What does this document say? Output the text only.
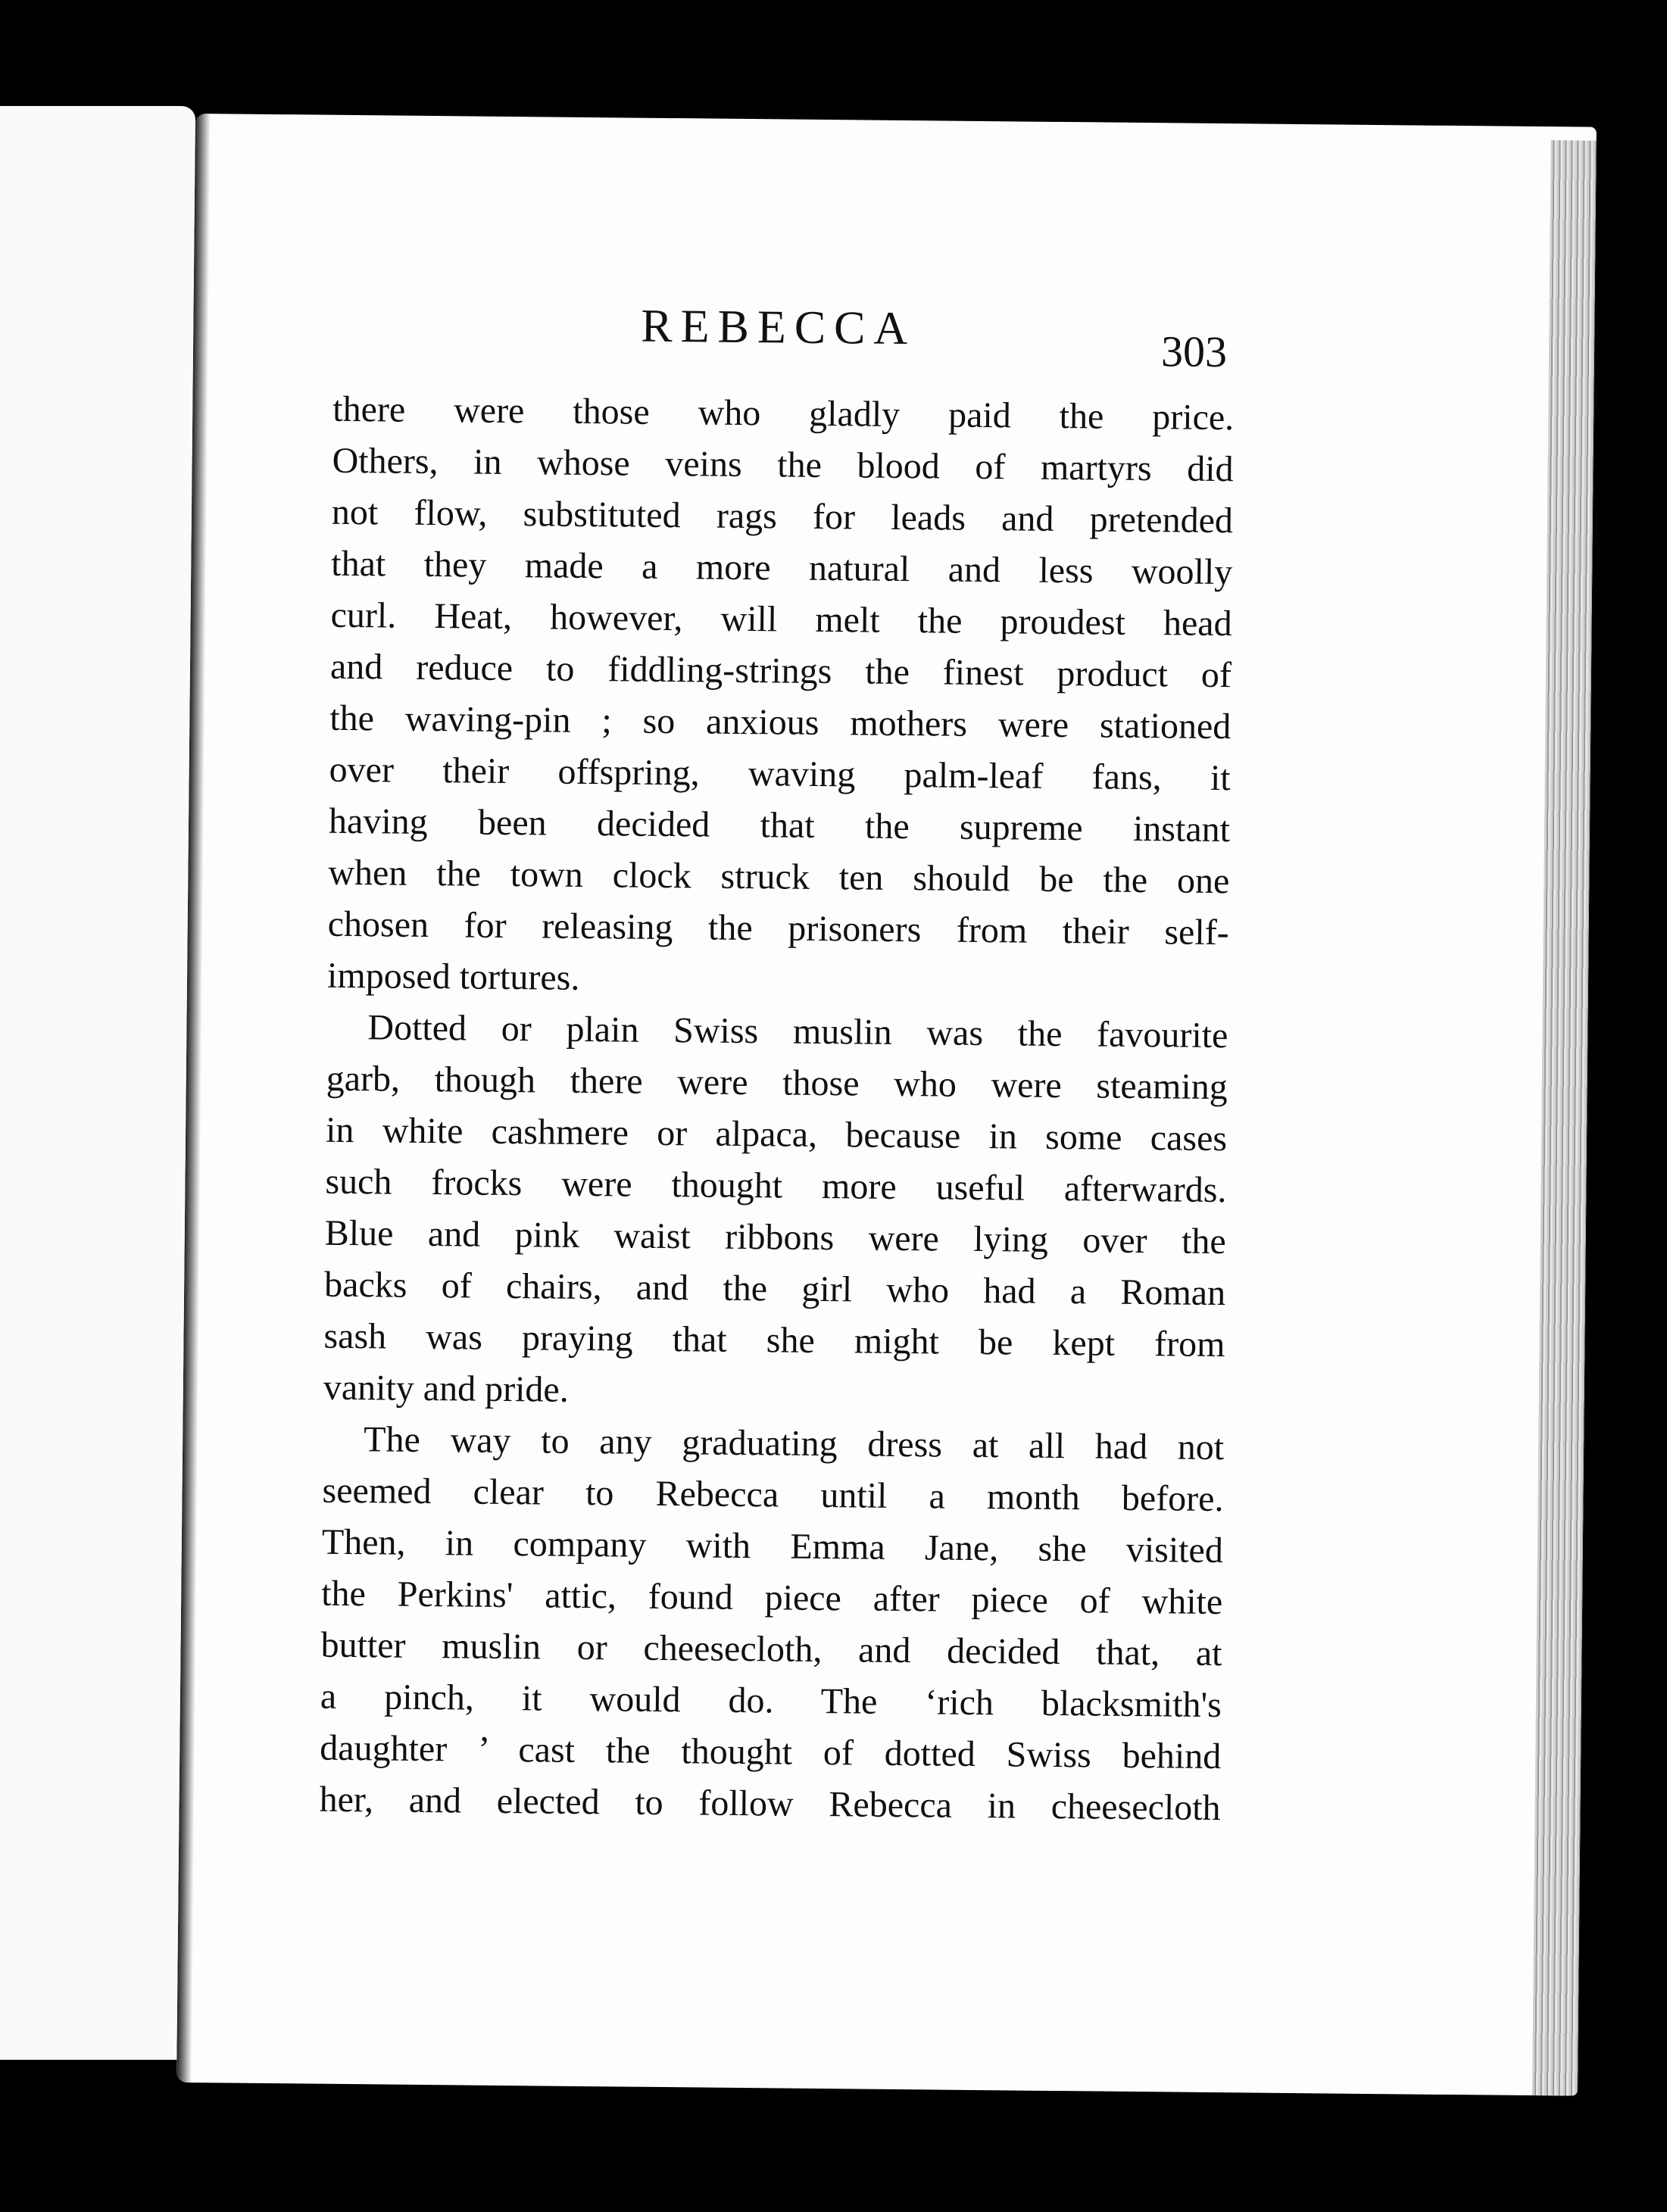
REBECCA	303
there were those who gladly paid the price.
Others, in whose veins the blood of martyrs did
not flow, substituted rags for leads and pretended
that they made a more natural and less woolly
curl. Heat, however, will melt the proudest head
and reduce to fiddling-strings the finest product of
the waving-pin ; so anxious mothers were stationed
over their offspring, waving palm-leaf fans, it
having been decided that the supreme instant
when the town clock struck ten should be the one
chosen for releasing the prisoners from their self-
imposed tortures.
Dotted or plain Swiss muslin was the favourite
garb, though there were those who were steaming
in white cashmere or alpaca, because in some cases
such frocks were thought more useful afterwards.
Blue and pink waist ribbons were lying over the
backs of chairs, and the girl who had a Roman
sash was praying that she might be kept from
vanity and pride.
The way to any graduating dress at all had not
seemed clear to Rebecca until a month before.
Then, in company with Emma Jane, she visited
the Perkins' attic, found piece after piece of white
butter muslin or cheesecloth, and decided that, at
a pinch, it would do. The ‘rich blacksmith's
daughter ’ cast the thought of dotted Swiss behind
her, and elected to follow Rebecca in cheesecloth
